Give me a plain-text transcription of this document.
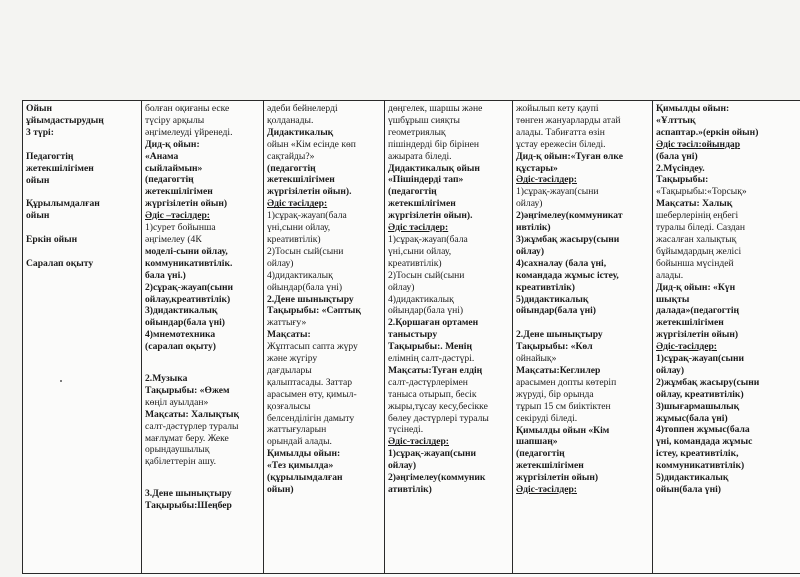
Ойын
ұйымдастырудың
3 түрі:
Педагогтің
жетекшілігімен
ойын
Құрылымдалған
ойын
Еркін ойын
Саралап оқыту

болған оқиғаны еске
түсіру арқылы
әңгімелеуді үйренеді.
Дид-қ ойын:
«Анама
сыйлаймын»
(педагогтің
жетекшілігімен
жүргізілетін ойын)
Әдіс –тәсілдер:
1)сурет бойынша
әңгімелеу (4К
моделі-сыни ойлау,
коммуникативтілік.
бала үні.)
2)сұрақ-жауап(сыни
ойлау,креативтілік)
3)дидактикалық
ойындар(бала үні)
4)мнемотехника
(саралап оқыту)
2.Музыка
Тақырыбы: «Өжем
көңіл ауылдан»
Мақсаты: Халықтық
салт-дәстүрлер туралы
мағлұмат беру. Жеке
орындаушылық
қабілеттерін ашу.
3.Дене шынықтыру
Тақырыбы:Шеңбер

әдеби бейнелерді
қолданады.
Дидактикалық
ойын «Кім есінде көп
сақтайды?»
(педагогтің
жетекшілігімен
жүргізілетін ойын).
Әдіс тәсілдер:
1)сұрақ-жауап(бала
үні,сыни ойлау,
креативтілік)
2)Тосын сый(сыни
ойлау)
4)дидактикалық
ойындар(бала үні)
2.Дене шынықтыру
Тақырыбы: «Сәптық
жаттығу»
Мақсаты:
Жұптасып сапта жүру
және жүгіру
дағдылары
қалыптасады. Заттар
арасымен өту, қимыл-
қозғалысы
белсенділігін дамыту
жаттығуларын
орындай алады.
Қимылды ойын:
«Тез қимылда»
(құрылымдалған
ойын)

дөңгелек, шаршы және
үшбұрыш сияқты
геометриялық
пішіндерді бір бірінен
ажырата біледі.
Дидактикалық ойын
«Пішіндерді тап»
(педагогтің
жетекшілігімен
жүргізілетін ойын).
Әдіс тәсілдер:
1)сұрақ-жауап(бала
үні,сыни ойлау,
креативтілік)
2)Тосын сый(сыни
ойлау)
4)дидактикалық
ойындар(бала үні)
2.Қоршаған ортамен
таныстыру
Тақырыбы:. Менің
елімнің салт-дәстүрі.
Мақсаты:Туған елдің
салт-дәстүрлерімен
таныса отырып, бесік
жыры,тұсау кесу,бесікке
бөлеу дәстүрлері туралы
түсінеді.
Әдіс-тәсілдер:
1)сұрақ-жауап(сыни
ойлау)
2)әңгімелеу(коммуник
ативтілік)

жойылып кету қаупі
төнген жануарларды атай
алады. Табиғатта өзін
ұстау ережесін біледі.
Дид-қ ойын:«Туған өлке
құстары»
Әдіс-тәсілдер:
1)сұрақ-жауап(сыни
ойлау)
2)әңгімелеу(коммуникат
ивтілік)
3)жұмбақ жасыру(сыни
ойлау)
4)сахналау (бала үні,
командада жұмыс істеу,
креативтілік)
5)дидактикалық
ойындар(бала үні)
2.Дене шынықтыру
Тақырыбы: «Көл
ойнайық»
Мақсаты:Кеглилер
арасымен допты көтеріп
жүруді, бір орында
тұрып 15 см биіктіктен
секіруді біледі.
Қимылды ойын «Кім
шапшаң»
(педагогтің
жетекшілігімен
жүргізілетін ойын)
Әдіс-тәсілдер:

Қимылды ойын:
«Ұлттық
аспаптар.»(еркін ойын)
Әдіс тәсіл:ойындар
(бала үні)
2.Мүсіндеу.
Тақырыбы:
«Тақырыбы:«Торсық»
Мақсаты: Халық
шеберлерінің еңбегі
туралы біледі. Саздан
жасалған халықтық
бұйымдардың желісі
бойынша мүсіндей
алады.
Дид-қ ойын: «Күн
шықты
далада»(педагогтің
жетекшілігімен
жүргізілетін ойын)
Әдіс-тәсілдер:
1)сұрақ-жауап(сыни
ойлау)
2)жұмбақ жасыру(сыни
ойлау, креативтілік)
3)шығармашылық
жұмыс(бала үні)
4)топпен жұмыс(бала
үні, командада жұмыс
істеу, креативтілік,
коммуникативтілік)
5)дидактикалық
ойын(бала үні)
